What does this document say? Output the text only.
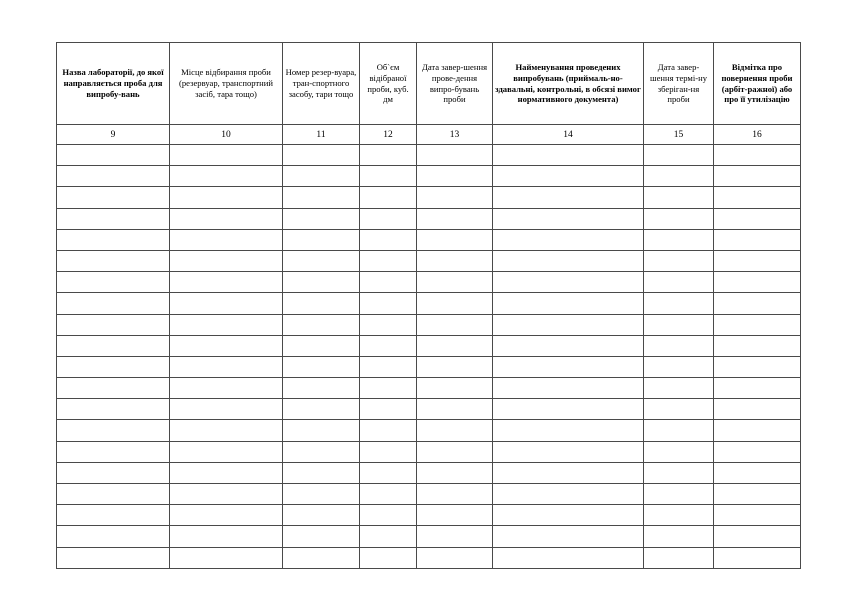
Назва лабораторії, до якої направляється проба для випробу-вань	Місце відбирання проби (резервуар, транспортний засіб, тара тощо)	Номер резер-вуара, тран-спортного засобу, тари тощо	Об`єм відібраної проби, куб. дм	Дата завер-шення прове-дення випро-бувань проби	Найменування проведених випробувань (приймаль-но-здавальні, контрольні, в обсязі вимог нормативного документа)	Дата завер-шення термі-ну зберіган-ня проби	Відмітка про повернення проби (арбіт-ражної) або про її утилізацію

9	10	11	12	13	14	15	16
